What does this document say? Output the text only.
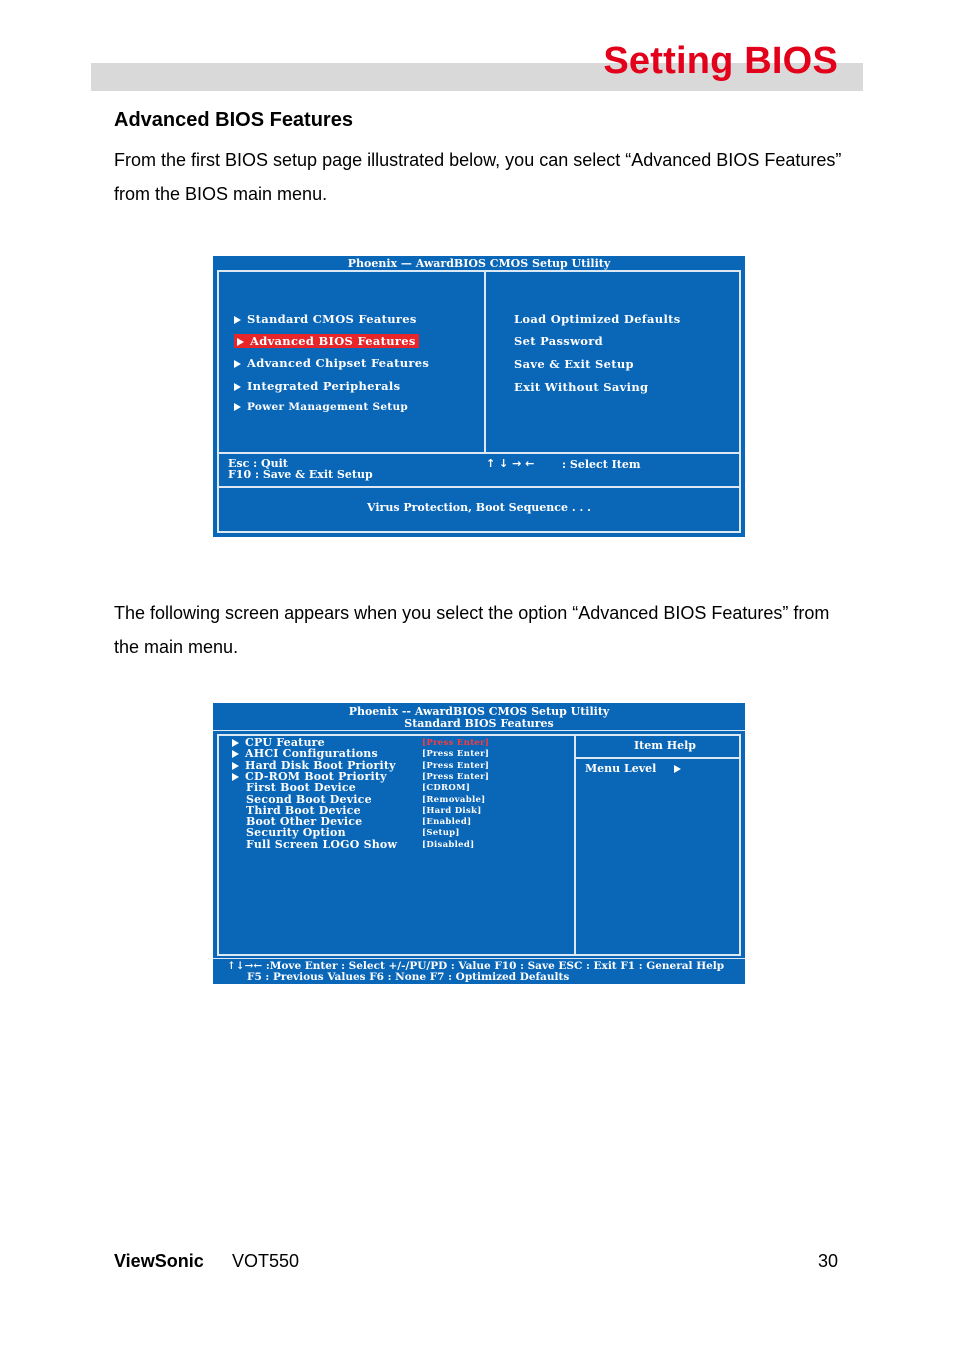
Setting BIOS
Advanced BIOS Features

From the first BIOS setup page illustrated below, you can select “Advanced BIOS Features” from the BIOS main menu.

Phoenix — AwardBIOS CMOS Setup Utility
Standard CMOS Features
Advanced BIOS Features
Advanced Chipset Features
Integrated Peripherals
Power Management Setup
Load Optimized Defaults
Set Password
Save & Exit Setup
Exit Without Saving
Esc : Quit
F10 : Save & Exit Setup
↑ ↓ → ←	: Select Item
Virus Protection, Boot Sequence . . .

The following screen appears when you select the option “Advanced BIOS Features” from the main menu.

Phoenix -- AwardBIOS CMOS Setup Utility
Standard BIOS Features
CPU Feature	[Press Enter]
AHCI Configurations	[Press Enter]
Hard Disk Boot Priority	[Press Enter]
CD-ROM Boot Priority	[Press Enter]
First Boot Device	[CDROM]
Second Boot Device	[Removable]
Third Boot Device	[Hard Disk]
Boot Other Device	[Enabled]
Security Option	[Setup]
Full Screen LOGO Show	[Disabled]
Item Help
Menu Level
↑↓→← :Move Enter : Select +/-/PU/PD : Value F10 : Save ESC : Exit F1 : General Help
F5 : Previous Values F6 : None F7 : Optimized Defaults
ViewSonic VOT550	30
